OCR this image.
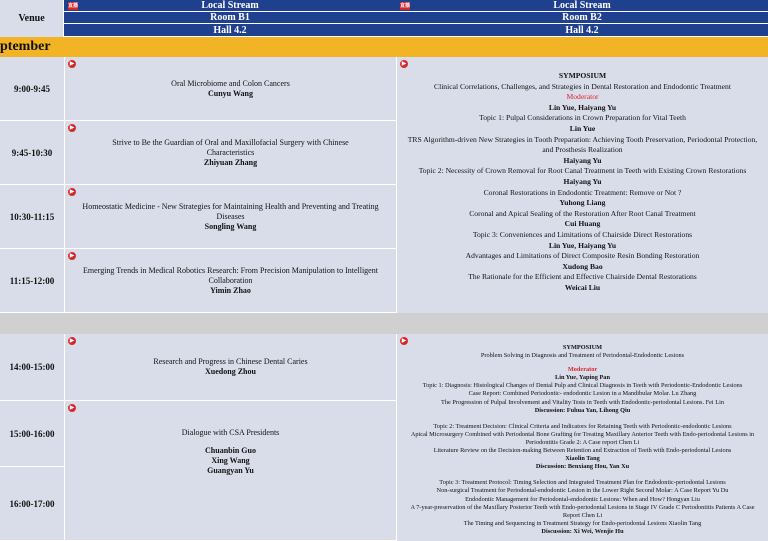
Venue
直播	Local Stream
Room B1
Hall 4.2
直播	Local Stream
Room B2
Hall 4.2
ptember
9:00-9:45
9:45-10:30
10:30-11:15
11:15-12:00
▶
Oral Microbiome and Colon Cancers
Cunyu Wang
▶
Strive to Be the Guardian of Oral and Maxillofacial Surgery with Chinese Characteristics
Zhiyuan Zhang
▶
Homeostatic Medicine - New Strategies for Maintaining Health and Preventing and Treating Diseases
Songling Wang
▶
Emerging Trends in Medical Robotics Research: From Precision Manipulation to Intelligent Collaboration
Yimin Zhao
▶
SYMPOSIUM
Clinical Correlations, Challenges, and Strategies in Dental Restoration and Endodontic Treatment
Moderator
Lin Yue, Haiyang Yu
Topic 1: Pulpal Considerations in Crown Preparation for Vital Teeth
Lin Yue
TRS Algorithm-driven New Strategies in Tooth Preparation: Achieving Tooth Preservation, Periodontal Protection, and Prosthesis Realization
Haiyang Yu
Topic 2: Necessity of Crown Removal for Root Canal Treatment in Teeth with Existing Crown Restorations
Haiyang Yu
Coronal Restorations in Endodontic Treatment: Remove or Not ?
Yuhong Liang
Coronal and Apical Sealing of the Restoration After Root Canal Treatment
Cui Huang
Topic 3: Conveniences and Limitations of Chairside Direct Restorations
Lin Yue, Haiyang Yu
Advantages and Limitations of Direct Composite Resin Bonding Restoration
Xudong Bao
The Rationale for the Efficient and Effective Chairside Dental Restorations
Weicai Liu
14:00-15:00
15:00-16:00
16:00-17:00
▶
Research and Progress in Chinese Dental Caries
Xuedong Zhou
▶
Dialogue with CSA Presidents
Chuanbin Guo
Xing Wang
Guangyan Yu
▶
SYMPOSIUM
Problem Solving in Diagnosis and Treatment of Periodontal-Endodontic Lesions
Moderator
Lin Yue, Yaping Pan
Topic 1: Diagnosis: Histological Changes of Dental Pulp and Clinical Diagnosis in Teeth with Periodontic-Endodontic Lesions
Case Report: Combined Periodontic- endodontic Lesion in a Mandibular Molar. Lu Zhang
The Progression of Pulpal Involvement and Vitality Tests in Teeth with Endodontic-periodontal Lesions. Fei Lin
Discussion: Fuhua Yan, Lihong Qiu
Topic 2: Treatment Decision: Clinical Criteria and Indicators for Retaining Teeth with Periodontic-endodontic Lesions
Apical Microsurgery Combined with Periodontal Bone Grafting for Treating Maxillary Anterior Teeth with Endo-periodontal Lesions in Periodontitis Grade 2: A Case report Chen Li
Literature Review on the Decision-making Between Retention and Extraction of Teeth with Endo-periodontal Lesions
Xiaolin Tang
Discussion: Benxiang Hou, Yan Xu
Topic 3: Treatment Protocol: Timing Selection and Integrated Treatment Plan for Endodontic-periodontal Lesions
Non-surgical Treatment for Periodontal-endodontic Lesion in the Lower Right Second Molar: A Case Report Yu Du
Endodontic Management for Periodontal-endodontic Lesions: When and How? Hongyan Liu
A 7-year-preservation of the Maxillary Posterior Teeth with Endo-periodontal Lesions in Stage IV Grade C Periodontitis Patients A Case Report Chen Li
The Timing and Sequencing in Treatment Strategy for Endo-periodontal Lesions Xiaolin Tang
Discussion: Xi Wei, Wenjie Hu
